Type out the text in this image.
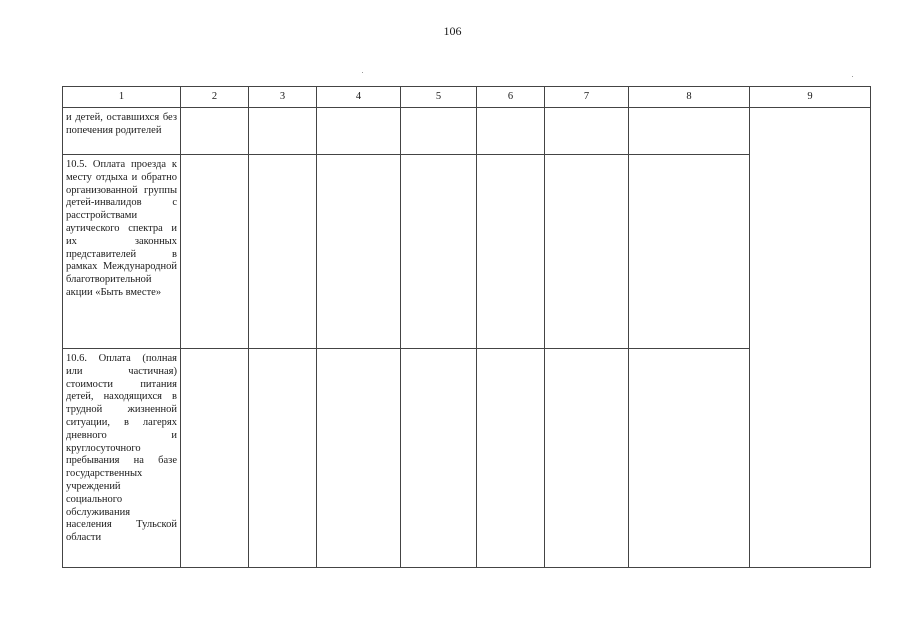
106
1	2	3	4	5	6	7	8	9
и детей, оставшихся без попечения родителей								
10.5. Оплата проезда к месту отдыха и обратно организованной группы детей-инвалидов с расстройствами аутического спектра и их законных представителей в рамках Международной благотворительной акции «Быть вместе»								
10.6. Оплата (полная или частичная) стоимости питания детей, находящихся в трудной жизненной ситуации, в лагерях дневного и круглосуточного пребывания на базе государственных учреждений социального обслуживания населения Тульской области								
